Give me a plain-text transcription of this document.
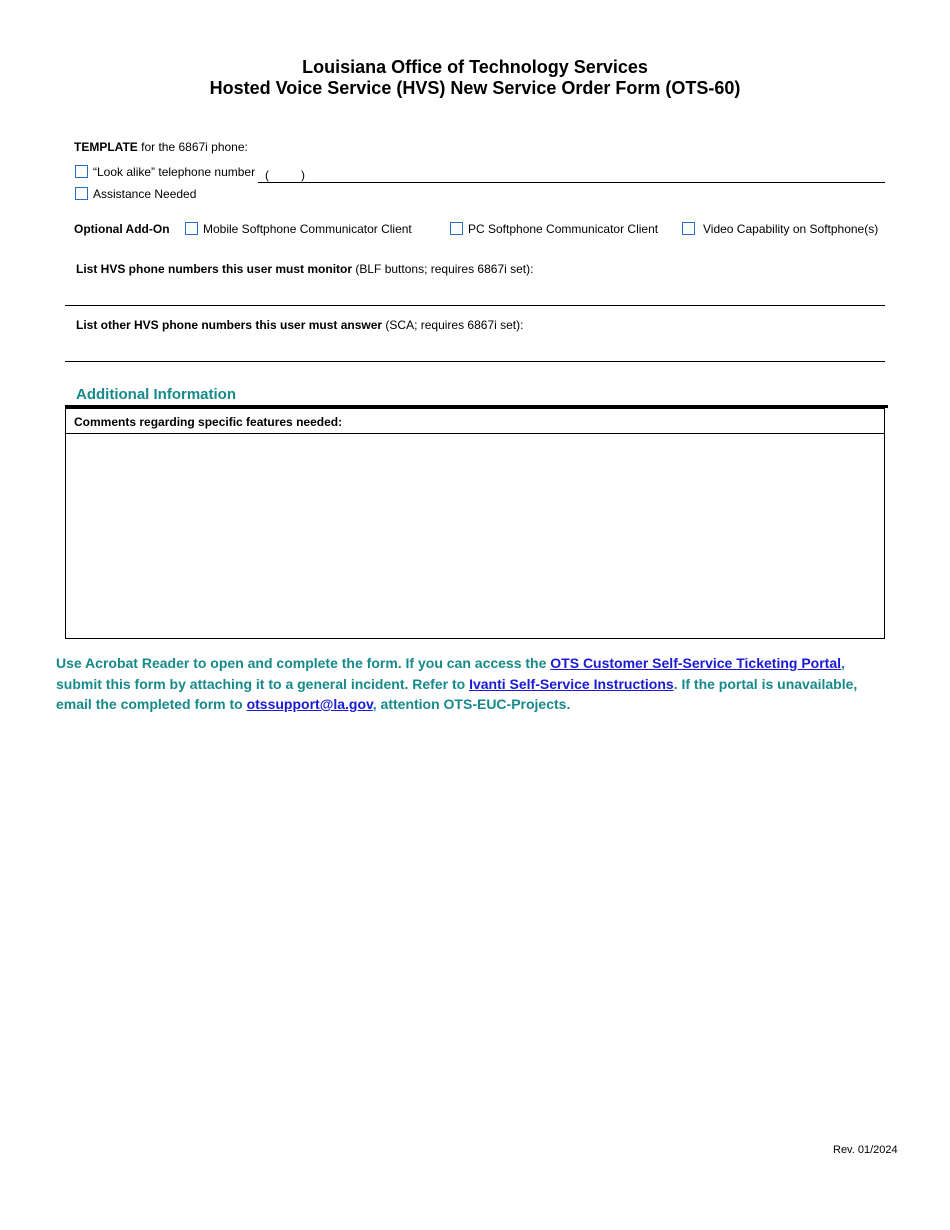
Louisiana Office of Technology Services
Hosted Voice Service (HVS) New Service Order Form (OTS-60)
TEMPLATE for the 6867i phone:
“Look alike” telephone number (	)
Assistance Needed
Optional Add-On	Mobile Softphone Communicator Client	PC Softphone Communicator Client	Video Capability on Softphone(s)
List HVS phone numbers this user must monitor (BLF buttons; requires 6867i set):
List other HVS phone numbers this user must answer (SCA; requires 6867i set):
Additional Information
Comments regarding specific features needed:
Use Acrobat Reader to open and complete the form. If you can access the OTS Customer Self-Service Ticketing Portal, submit this form by attaching it to a general incident. Refer to Ivanti Self-Service Instructions. If the portal is unavailable, email the completed form to otssupport@la.gov, attention OTS-EUC-Projects.
Rev. 01/2024
